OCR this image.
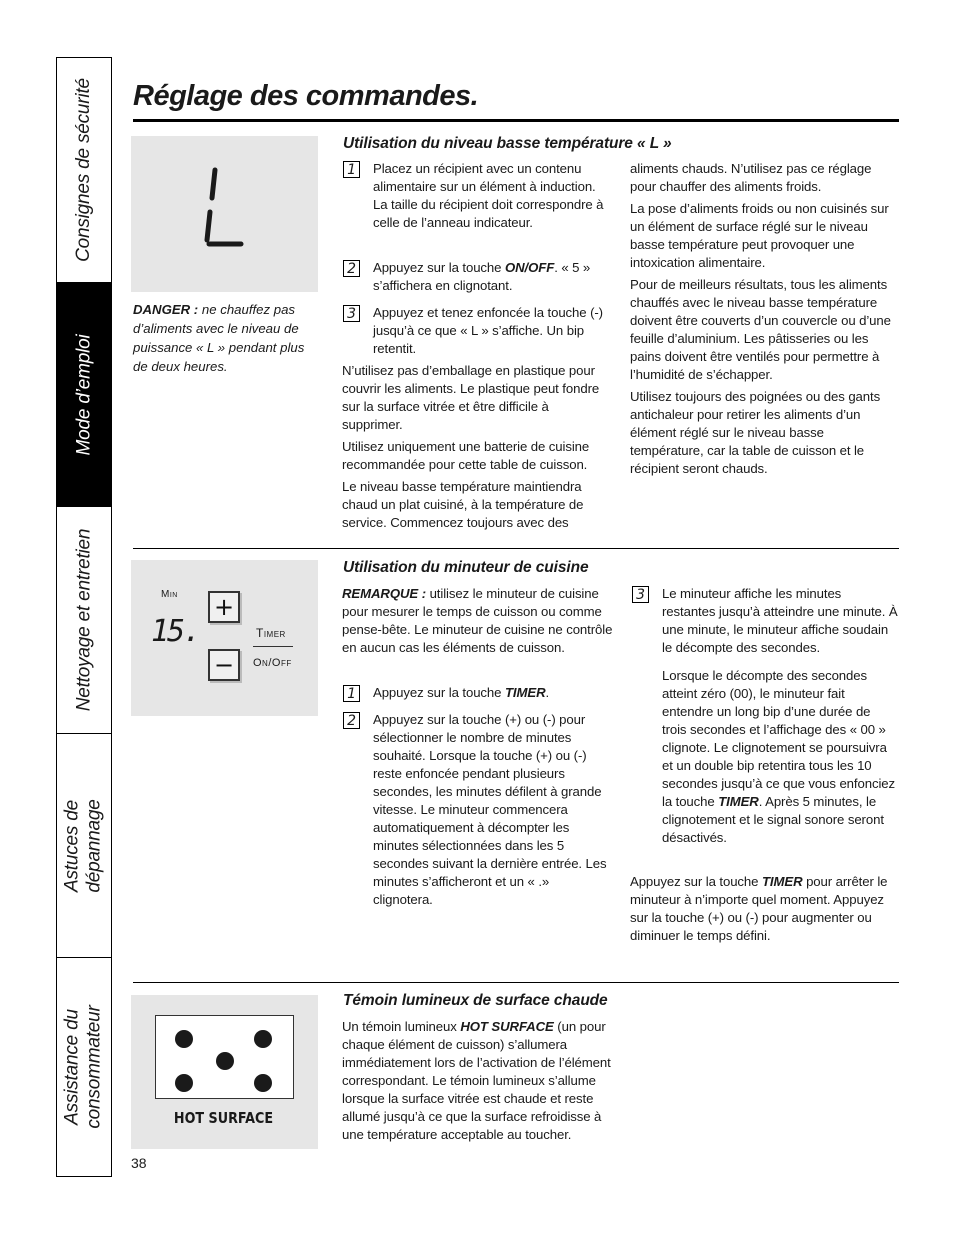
Consignes de sécurité
Mode d’emploi
Nettoyage et entretien
Astuces de dépannage
Assistance du consommateur
Réglage des commandes.
DANGER : ne chauffez pas d’aliments avec le niveau de puissance « L » pendant plus de deux heures.
Utilisation du niveau basse température « L »
1	Placez un récipient avec un contenu alimentaire sur un élément à induction. La taille du récipient doit correspondre à celle de l’anneau indicateur.
2	Appuyez sur la touche ON/OFF. « 5 » s’affichera en clignotant.
3	Appuyez et tenez enfoncée la touche (-) jusqu’à ce que « L » s’affiche. Un bip retentit.

N’utilisez pas d’emballage en plastique pour couvrir les aliments. Le plastique peut fondre sur la surface vitrée et être difficile à supprimer.

Utilisez uniquement une batterie de cuisine recommandée pour cette table de cuisson.

Le niveau basse température maintiendra chaud un plat cuisiné, à la température de service. Commencez toujours avec des

aliments chauds. N’utilisez pas ce réglage pour chauffer des aliments froids.

La pose d’aliments froids ou non cuisinés sur un élément de surface réglé sur le niveau basse température peut provoquer une intoxication alimentaire.

Pour de meilleurs résultats, tous les aliments chauffés avec le niveau basse température doivent être couverts d’un couvercle ou d’une feuille d’aluminium. Les pâtisseries ou les pains doivent être ventilés pour permettre à l’humidité de s’échapper.

Utilisez toujours des poignées ou des gants antichaleur pour retirer les aliments d’un élément réglé sur le niveau basse température, car la table de cuisson et le récipient seront chauds.

Min
15.
+
−
Timer
On/Off
Utilisation du minuteur de cuisine
REMARQUE : utilisez le minuteur de cuisine pour mesurer le temps de cuisson ou comme pense-bête. Le minuteur de cuisine ne contrôle en aucun cas les éléments de cuisson.
1	Appuyez sur la touche TIMER.
2	Appuyez sur la touche (+) ou (-) pour sélectionner le nombre de minutes souhaité. Lorsque la touche (+) ou (-) reste enfoncée pendant plusieurs secondes, les minutes défilent à grande vitesse. Le minuteur commencera automatiquement à décompter les minutes sélectionnées dans les 5 secondes suivant la dernière entrée. Les minutes s’afficheront et un « .» clignotera.
3	Le minuteur affiche les minutes restantes jusqu’à atteindre une minute. À une minute, le minuteur affiche soudain le décompte des secondes.

Lorsque le décompte des secondes atteint zéro (00), le minuteur fait entendre un long bip d’une durée de trois secondes et l’affichage des « 00 » clignote. Le clignotement se poursuivra et un double bip retentira tous les 10 secondes jusqu’à ce que vous enfonciez la touche TIMER. Après 5 minutes, le clignotement et le signal sonore seront désactivés.

Appuyez sur la touche TIMER pour arrêter le minuteur à n’importe quel moment. Appuyez sur la touche (+) ou (-) pour augmenter ou diminuer le temps défini.
HOT SURFACE
Témoin lumineux de surface chaude
Un témoin lumineux HOT SURFACE (un pour chaque élément de cuisson) s’allumera immédiatement lors de l’activation de l’élément correspondant. Le témoin lumineux s’allume lorsque la surface vitrée est chaude et reste allumé jusqu’à ce que la surface refroidisse à une température acceptable au toucher.
38
